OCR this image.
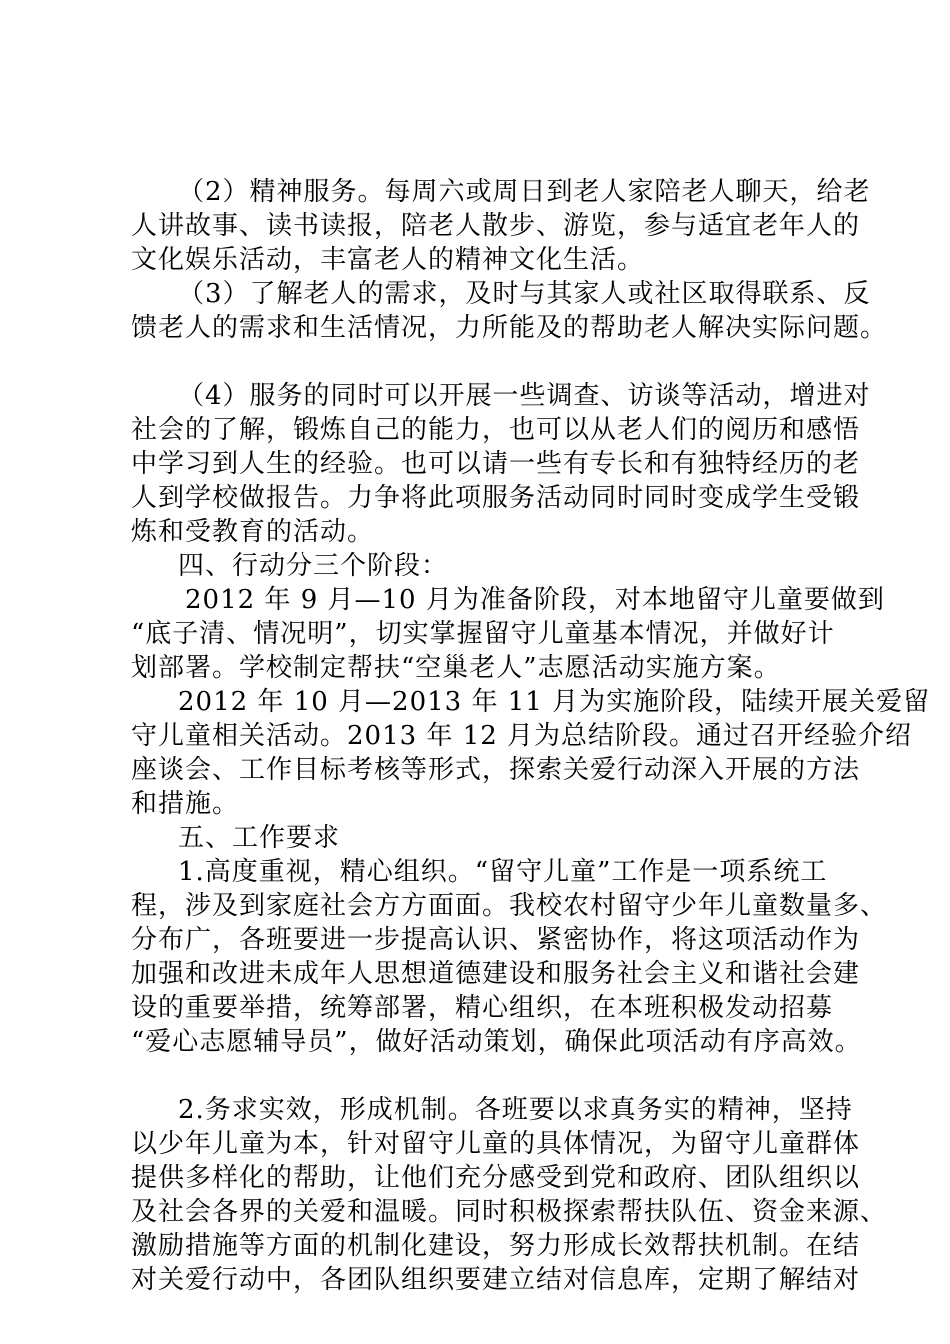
（2）精神服务。每周六或周日到老人家陪老人聊天，给老
人讲故事、读书读报，陪老人散步、游览，参与适宜老年人的
文化娱乐活动，丰富老人的精神文化生活。
（3）了解老人的需求，及时与其家人或社区取得联系、反
馈老人的需求和生活情况，力所能及的帮助老人解决实际问题。
（4）服务的同时可以开展一些调查、访谈等活动，增进对
社会的了解，锻炼自己的能力，也可以从老人们的阅历和感悟
中学习到人生的经验。也可以请一些有专长和有独特经历的老
人到学校做报告。力争将此项服务活动同时同时变成学生受锻
炼和受教育的活动。
四、行动分三个阶段：
2012 年 9 月—10 月为准备阶段，对本地留守儿童要做到
“底子清、情况明”，切实掌握留守儿童基本情况，并做好计
划部署。学校制定帮扶“空巢老人”志愿活动实施方案。
2012 年 10 月—2013 年 11 月为实施阶段，陆续开展关爱留
守儿童相关活动。2013 年 12 月为总结阶段。通过召开经验介绍
座谈会、工作目标考核等形式，探索关爱行动深入开展的方法
和措施。
五、工作要求
1.高度重视，精心组织。“留守儿童”工作是一项系统工
程，涉及到家庭社会方方面面。我校农村留守少年儿童数量多、
分布广，各班要进一步提高认识、紧密协作，将这项活动作为
加强和改进未成年人思想道德建设和服务社会主义和谐社会建
设的重要举措，统筹部署，精心组织，在本班积极发动招募
“爱心志愿辅导员”，做好活动策划，确保此项活动有序高效。
2.务求实效，形成机制。各班要以求真务实的精神，坚持
以少年儿童为本，针对留守儿童的具体情况，为留守儿童群体
提供多样化的帮助，让他们充分感受到党和政府、团队组织以
及社会各界的关爱和温暖。同时积极探索帮扶队伍、资金来源、
激励措施等方面的机制化建设，努力形成长效帮扶机制。在结
对关爱行动中，各团队组织要建立结对信息库，定期了解结对
